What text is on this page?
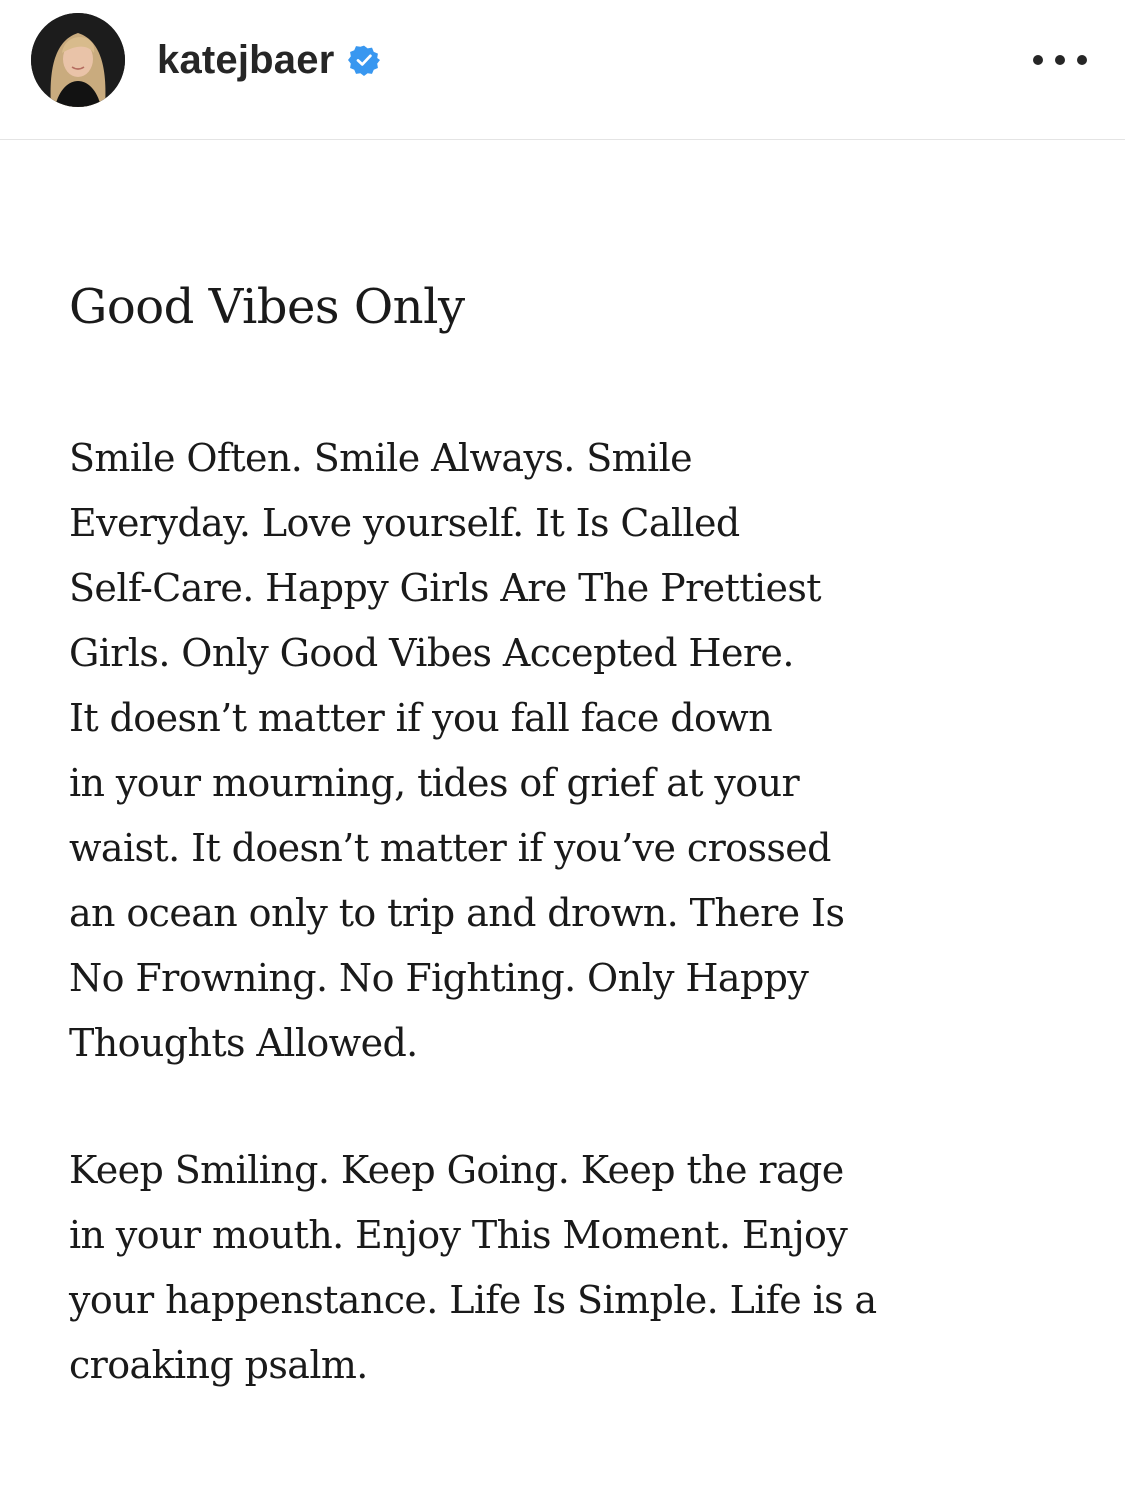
katejbaer
Good Vibes Only

Smile Often. Smile Always. Smile
Everyday. Love yourself. It Is Called
Self-Care. Happy Girls Are The Prettiest
Girls. Only Good Vibes Accepted Here.
It doesn’t matter if you fall face down
in your mourning, tides of grief at your
waist. It doesn’t matter if you’ve crossed
an ocean only to trip and drown. There Is
No Frowning. No Fighting. Only Happy
Thoughts Allowed.

Keep Smiling. Keep Going. Keep the rage
in your mouth. Enjoy This Moment. Enjoy
your happenstance. Life Is Simple. Life is a
croaking psalm.
